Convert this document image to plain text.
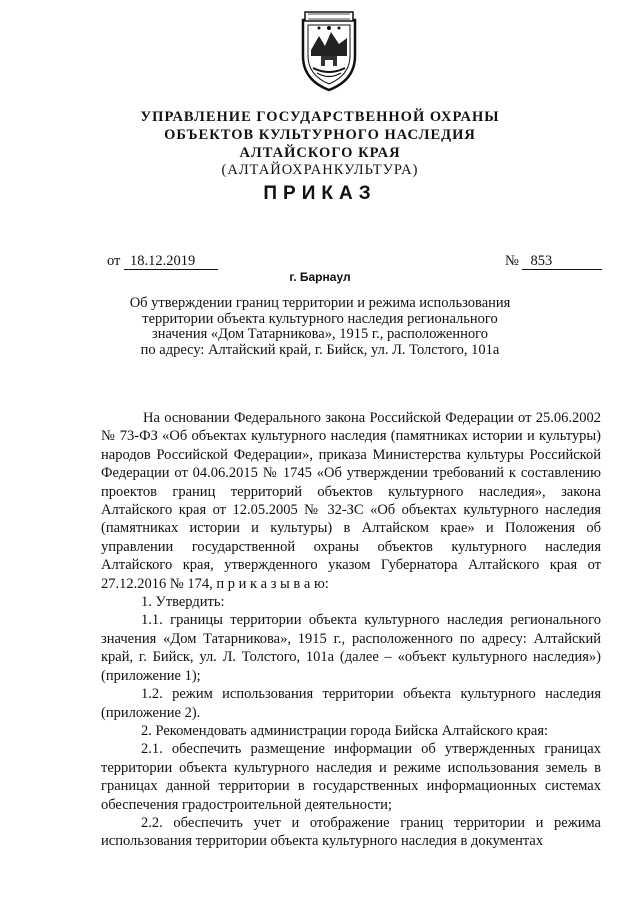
УПРАВЛЕНИЕ ГОСУДАРСТВЕННОЙ ОХРАНЫ
ОБЪЕКТОВ КУЛЬТУРНОГО НАСЛЕДИЯ
АЛТАЙСКОГО КРАЯ
(АЛТАЙОХРАНКУЛЬТУРА)
ПРИКАЗ
от 18.12.2019	№ 853
г. Барнаул
Об утверждении границ территории и режима использования
территории объекта культурного наследия регионального
значения «Дом Татарникова», 1915 г., расположенного
по адресу: Алтайский край, г. Бийск, ул. Л. Толстого, 101а

На основании Федерального закона Российской Федерации от 25.06.2002 № 73-ФЗ «Об объектах культурного наследия (памятниках истории и культуры) народов Российской Федерации», приказа Министерства культуры Российской Федерации от 04.06.2015 № 1745 «Об утверждении требований к составлению проектов границ территорий объектов культурного наследия», закона Алтайского края от 12.05.2005 № 32-ЗС «Об объектах культурного наследия (памятниках истории и культуры) в Алтайском крае» и Положения об управлении государственной охраны объектов культурного наследия Алтайского края, утвержденного указом Губернатора Алтайского края от 27.12.2016 № 174, п р и к а з ы в а ю:

1. Утвердить:

1.1. границы территории объекта культурного наследия регионального значения «Дом Татарникова», 1915 г., расположенного по адресу: Алтайский край, г. Бийск, ул. Л. Толстого, 101а (далее – «объект культурного наследия») (приложение 1);

1.2. режим использования территории объекта культурного наследия (приложение 2).

2. Рекомендовать администрации города Бийска Алтайского края:

2.1. обеспечить размещение информации об утвержденных границах территории объекта культурного наследия и режиме использования земель в границах данной территории в государственных информационных системах обеспечения градостроительной деятельности;

2.2. обеспечить учет и отображение границ территории и режима использования территории объекта культурного наследия в документах
